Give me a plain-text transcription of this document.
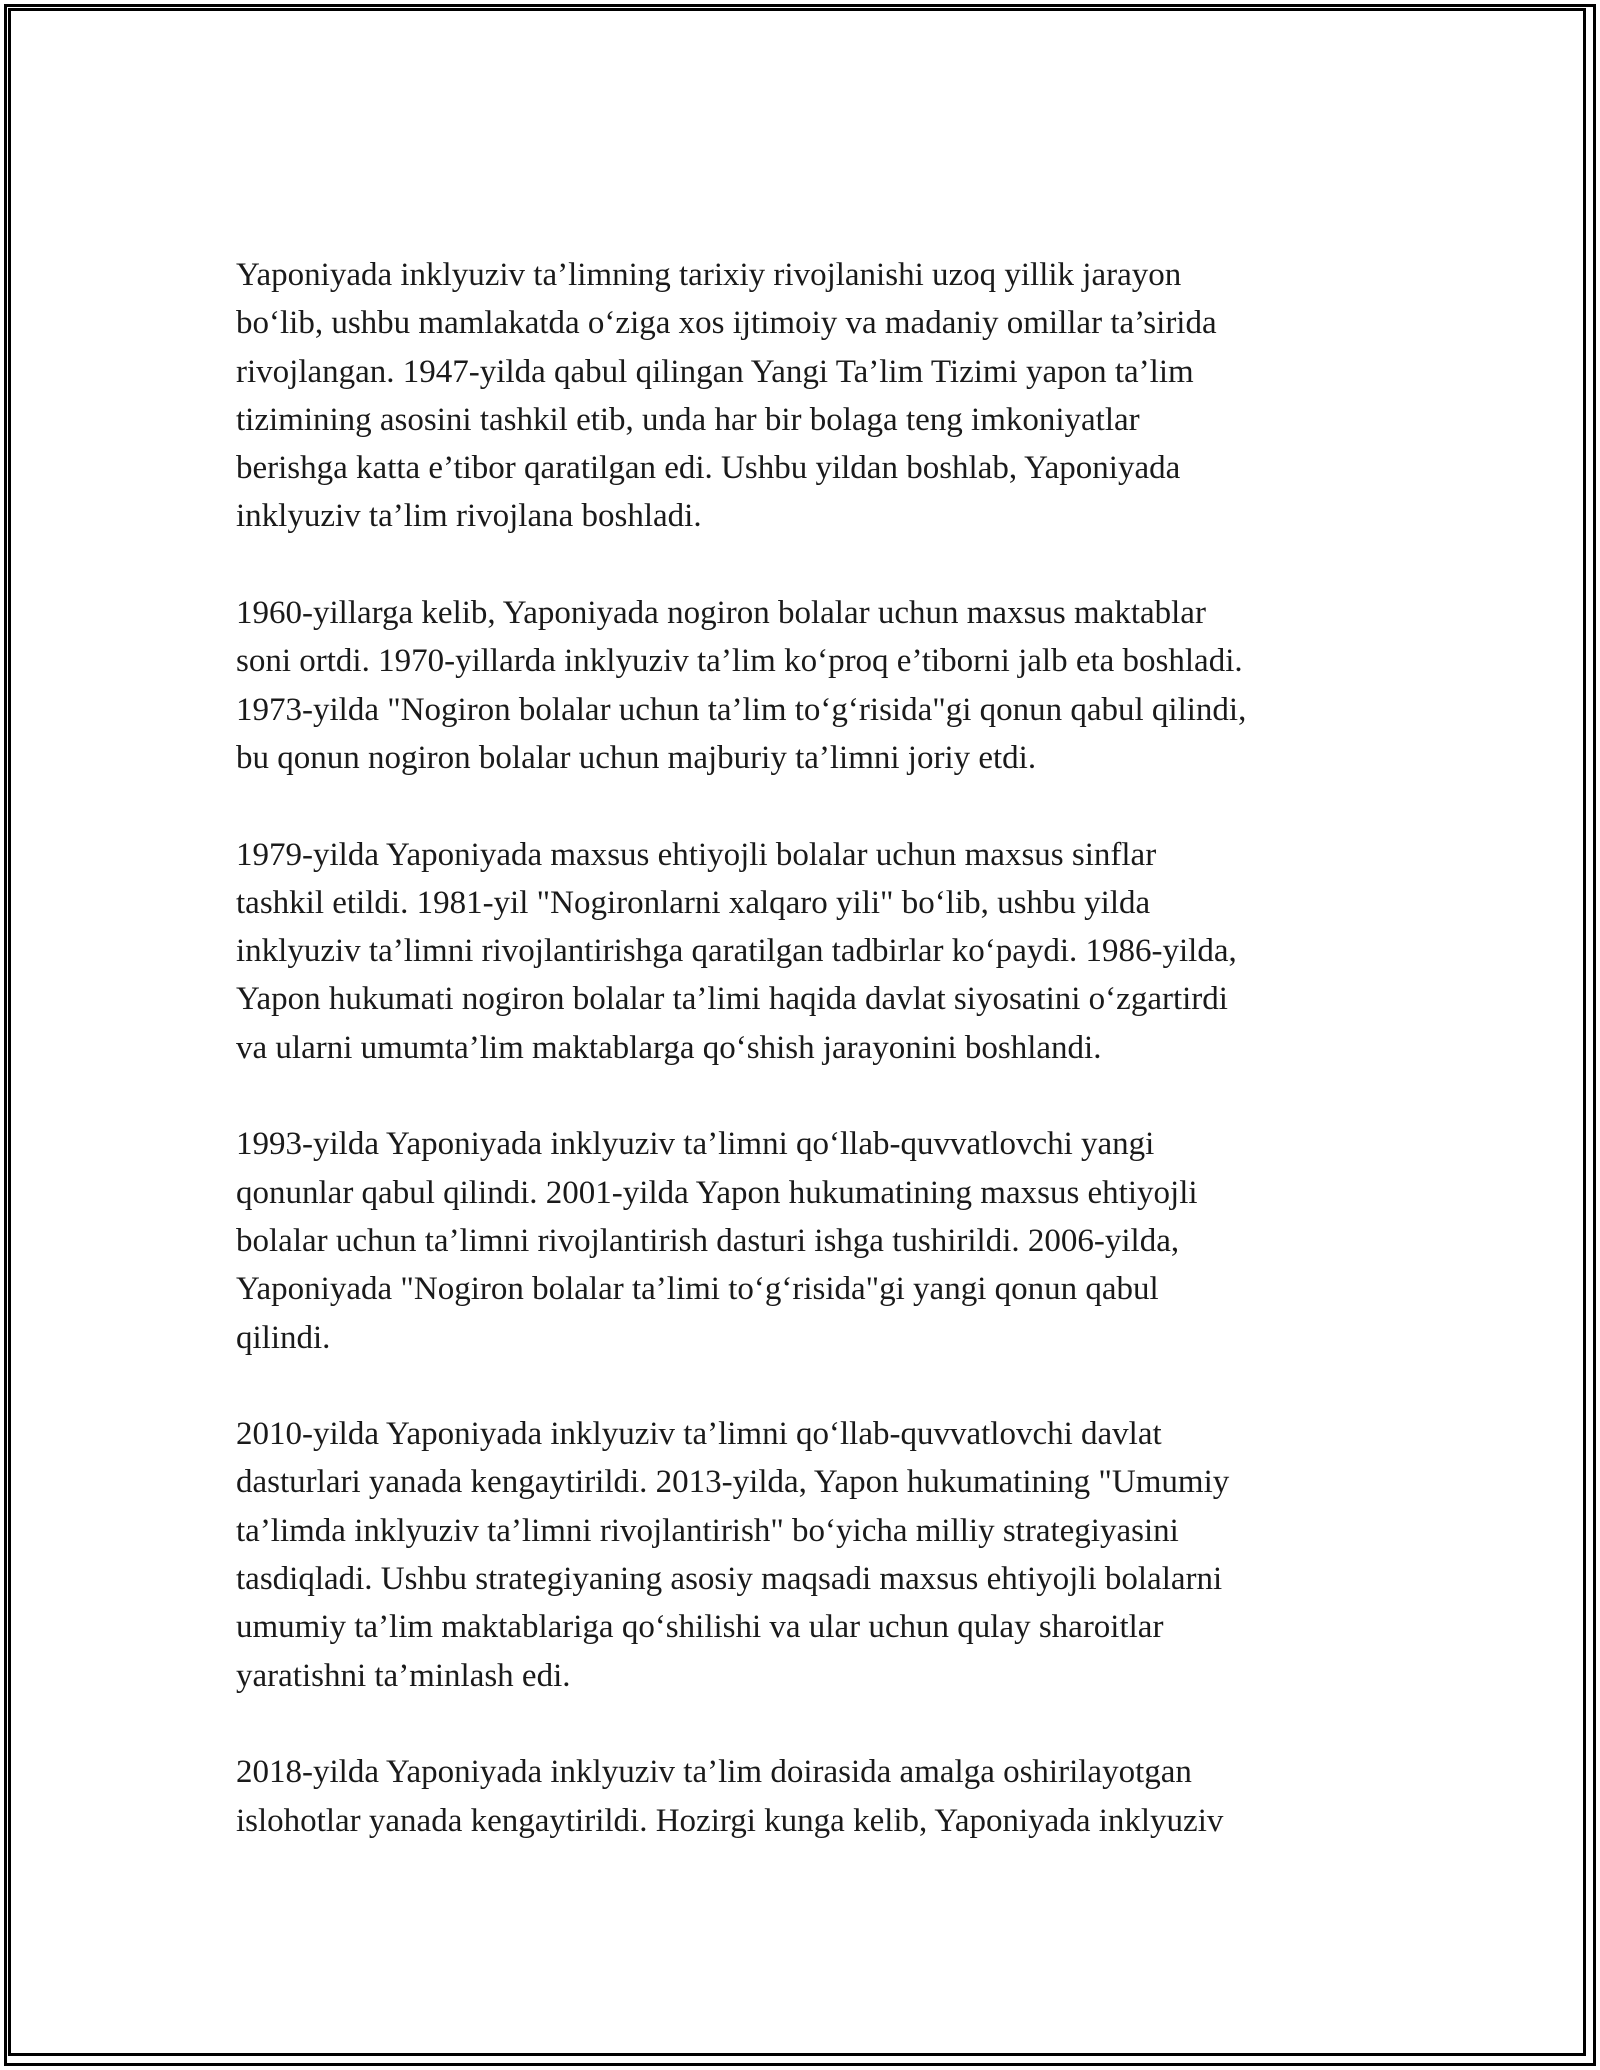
Yaponiyada inklyuziv ta’limning tarixiy rivojlanishi uzoq yillik jarayon
bo‘lib, ushbu mamlakatda o‘ziga xos ijtimoiy va madaniy omillar ta’sirida
rivojlangan. 1947-yilda qabul qilingan Yangi Ta’lim Tizimi yapon ta’lim
tizimining asosini tashkil etib, unda har bir bolaga teng imkoniyatlar
berishga katta e’tibor qaratilgan edi. Ushbu yildan boshlab, Yaponiyada
inklyuziv ta’lim rivojlana boshladi.

1960-yillarga kelib, Yaponiyada nogiron bolalar uchun maxsus maktablar
soni ortdi. 1970-yillarda inklyuziv ta’lim ko‘proq e’tiborni jalb eta boshladi.
1973-yilda "Nogiron bolalar uchun ta’lim to‘g‘risida"gi qonun qabul qilindi,
bu qonun nogiron bolalar uchun majburiy ta’limni joriy etdi.

1979-yilda Yaponiyada maxsus ehtiyojli bolalar uchun maxsus sinflar
tashkil etildi. 1981-yil "Nogironlarni xalqaro yili" bo‘lib, ushbu yilda
inklyuziv ta’limni rivojlantirishga qaratilgan tadbirlar ko‘paydi. 1986-yilda,
Yapon hukumati nogiron bolalar ta’limi haqida davlat siyosatini o‘zgartirdi
va ularni umumta’lim maktablarga qo‘shish jarayonini boshlandi.

1993-yilda Yaponiyada inklyuziv ta’limni qo‘llab-quvvatlovchi yangi
qonunlar qabul qilindi. 2001-yilda Yapon hukumatining maxsus ehtiyojli
bolalar uchun ta’limni rivojlantirish dasturi ishga tushirildi. 2006-yilda,
Yaponiyada "Nogiron bolalar ta’limi to‘g‘risida"gi yangi qonun qabul
qilindi.

2010-yilda Yaponiyada inklyuziv ta’limni qo‘llab-quvvatlovchi davlat
dasturlari yanada kengaytirildi. 2013-yilda, Yapon hukumatining "Umumiy
ta’limda inklyuziv ta’limni rivojlantirish" bo‘yicha milliy strategiyasini
tasdiqladi. Ushbu strategiyaning asosiy maqsadi maxsus ehtiyojli bolalarni
umumiy ta’lim maktablariga qo‘shilishi va ular uchun qulay sharoitlar
yaratishni ta’minlash edi.

2018-yilda Yaponiyada inklyuziv ta’lim doirasida amalga oshirilayotgan
islohotlar yanada kengaytirildi. Hozirgi kunga kelib, Yaponiyada inklyuziv
